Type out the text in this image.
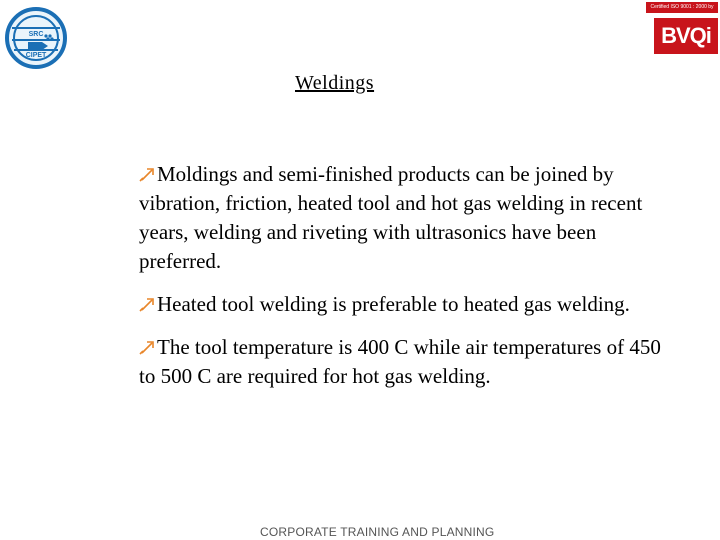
SRC
CIPET
Certified ISO 9001 : 2000 by
BVQi
Weldings

Moldings and semi-finished products can be joined by vibration, friction, heated tool and hot gas welding in recent years, welding and riveting with ultrasonics have been preferred.

Heated tool welding is preferable to heated gas welding.

The tool temperature is 400 C while air temperatures of 450 to 500 C are required for hot gas welding.

CORPORATE TRAINING AND PLANNING
